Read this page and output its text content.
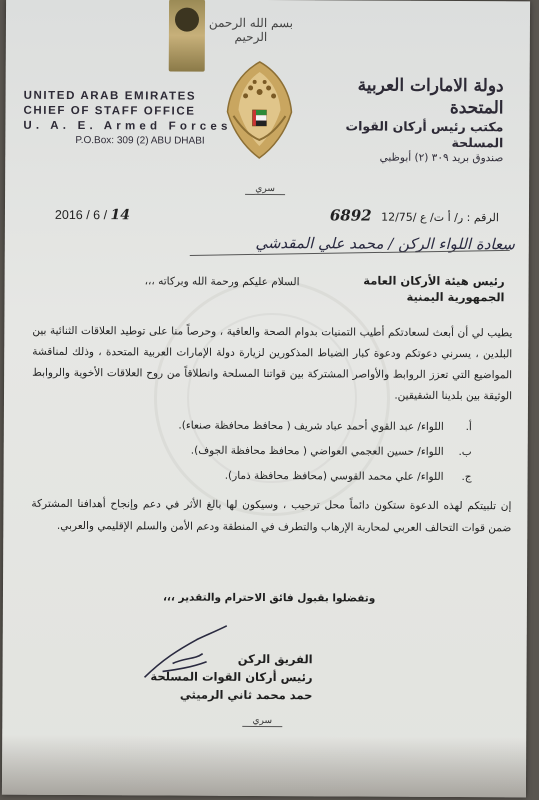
بسم الله الرحمن الرحيم
UNITED ARAB EMIRATES
CHIEF OF STAFF OFFICE
U. A. E. Armed Forces
P.O.Box: 309 (2) ABU DHABI
دولة الامارات العربية المتحدة
مكتب رئيس أركان القوات المسلحة
صندوق بريد ٣٠٩ (٢) أبوظبي
سري
2016 / 6 / 14	الرقم : ر/ أ ت/ ع /12/75 6892
سعادة اللواء الركن / محمد علي المقدشي
رئيس هيئة الأركان العامة
الجمهورية اليمنية
السلام عليكم ورحمة الله وبركاته ،،،

يطيب لي أن أبعث لسعادتكم أطيب التمنيات بدوام الصحة والعافية ، وحرصاً منا على توطيد العلاقات الثنائية بين البلدين ، يسرني دعوتكم ودعوة كبار الضباط المذكورين لزيارة دولة الإمارات العربية المتحدة ، وذلك لمناقشة المواضيع التي تعزز الروابط والأواصر المشتركة بين قواتنا المسلحة وانطلاقاً من روح العلاقات الأخوية والروابط الوثيقة بين بلدينا الشقيقين.

أ.
اللواء/ عبد القوي أحمد عباد شريف ( محافظ محافظة صنعاء).
ب.
اللواء/ حسين العجمي العواضي ( محافظ محافظة الجوف).
ج.
اللواء/ علي محمد القوسي (محافظ محافظة ذمار).

إن تلبيتكم لهذه الدعوة ستكون دائماً محل ترحيب ، وسيكون لها بالغ الأثر في دعم وإنجاح أهدافنا المشتركة ضمن قوات التحالف العربي لمحاربة الإرهاب والتطرف في المنطقة ودعم الأمن والسلم الإقليمي والعربي.

وتفضلوا بقبول فائق الاحترام والتقدير ،،،
الفريق الركن
رئيس أركان القوات المسلحة
حمد محمد ثاني الرميثي
سري
